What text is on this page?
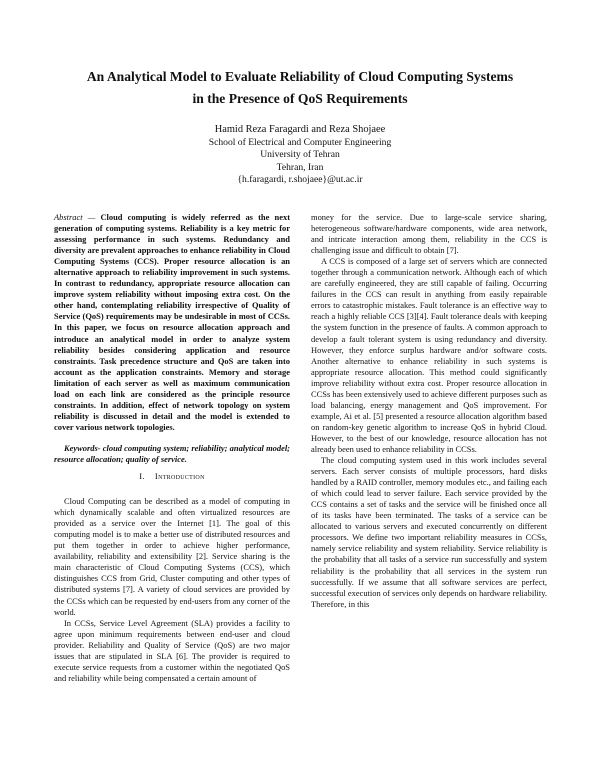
An Analytical Model to Evaluate Reliability of Cloud Computing Systems
in the Presence of QoS Requirements
Hamid Reza Faragardi and Reza Shojaee
School of Electrical and Computer Engineering
University of Tehran
Tehran, Iran
{h.faragardi, r.shojaee}@ut.ac.ir

Abstract — Cloud computing is widely referred as the next generation of computing systems. Reliability is a key metric for assessing performance in such systems. Redundancy and diversity are prevalent approaches to enhance reliability in Cloud Computing Systems (CCS). Proper resource allocation is an alternative approach to reliability improvement in such systems. In contrast to redundancy, appropriate resource allocation can improve system reliability without imposing extra cost. On the other hand, contemplating reliability irrespective of Quality of Service (QoS) requirements may be undesirable in most of CCSs. In this paper, we focus on resource allocation approach and introduce an analytical model in order to analyze system reliability besides considering application and resource constraints. Task precedence structure and QoS are taken into account as the application constraints. Memory and storage limitation of each server as well as maximum communication load on each link are considered as the principle resource constraints. In addition, effect of network topology on system reliability is discussed in detail and the model is extended to cover various network topologies.

Keywords- cloud computing system; reliability; analytical model; resource allocation; quality of service.

I. Introduction

Cloud Computing can be described as a model of computing in which dynamically scalable and often virtualized resources are provided as a service over the Internet [1]. The goal of this computing model is to make a better use of distributed resources and put them together in order to achieve higher performance, availability, reliability and extensibility [2]. Service sharing is the main characteristic of Cloud Computing Systems (CCS), which distinguishes CCS from Grid, Cluster computing and other types of distributed systems [7]. A variety of cloud services are provided by the CCSs which can be requested by end-users from any corner of the world.

In CCSs, Service Level Agreement (SLA) provides a facility to agree upon minimum requirements between end-user and cloud provider. Reliability and Quality of Service (QoS) are two major issues that are stipulated in SLA [6]. The provider is required to execute service requests from a customer within the negotiated QoS and reliability while being compensated a certain amount of

money for the service. Due to large-scale service sharing, heterogeneous software/hardware components, wide area network, and intricate interaction among them, reliability in the CCS is challenging issue and difficult to obtain [7].

A CCS is composed of a large set of servers which are connected together through a communication network. Although each of which are carefully engineered, they are still capable of failing. Occurring failures in the CCS can result in anything from easily repairable errors to catastrophic mistakes. Fault tolerance is an effective way to reach a highly reliable CCS [3][4]. Fault tolerance deals with keeping the system function in the presence of faults. A common approach to develop a fault tolerant system is using redundancy and diversity. However, they enforce surplus hardware and/or software costs. Another alternative to enhance reliability in such systems is appropriate resource allocation. This method could significantly improve reliability without extra cost. Proper resource allocation in CCSs has been extensively used to achieve different purposes such as load balancing, energy management and QoS improvement. For example, Ai et al. [5] presented a resource allocation algorithm based on random-key genetic algorithm to increase QoS in hybrid Cloud. However, to the best of our knowledge, resource allocation has not already been used to enhance reliability in CCSs.

The cloud computing system used in this work includes several servers. Each server consists of multiple processors, hard disks handled by a RAID controller, memory modules etc., and failing each of which could lead to server failure. Each service provided by the CCS contains a set of tasks and the service will be finished once all of its tasks have been terminated. The tasks of a service can be allocated to various servers and executed concurrently on different processors. We define two important reliability measures in CCSs, namely service reliability and system reliability. Service reliability is the probability that all tasks of a service run successfully and system reliability is the probability that all services in the system run successfully. If we assume that all software services are perfect, successful execution of services only depends on hardware reliability. Therefore, in this
